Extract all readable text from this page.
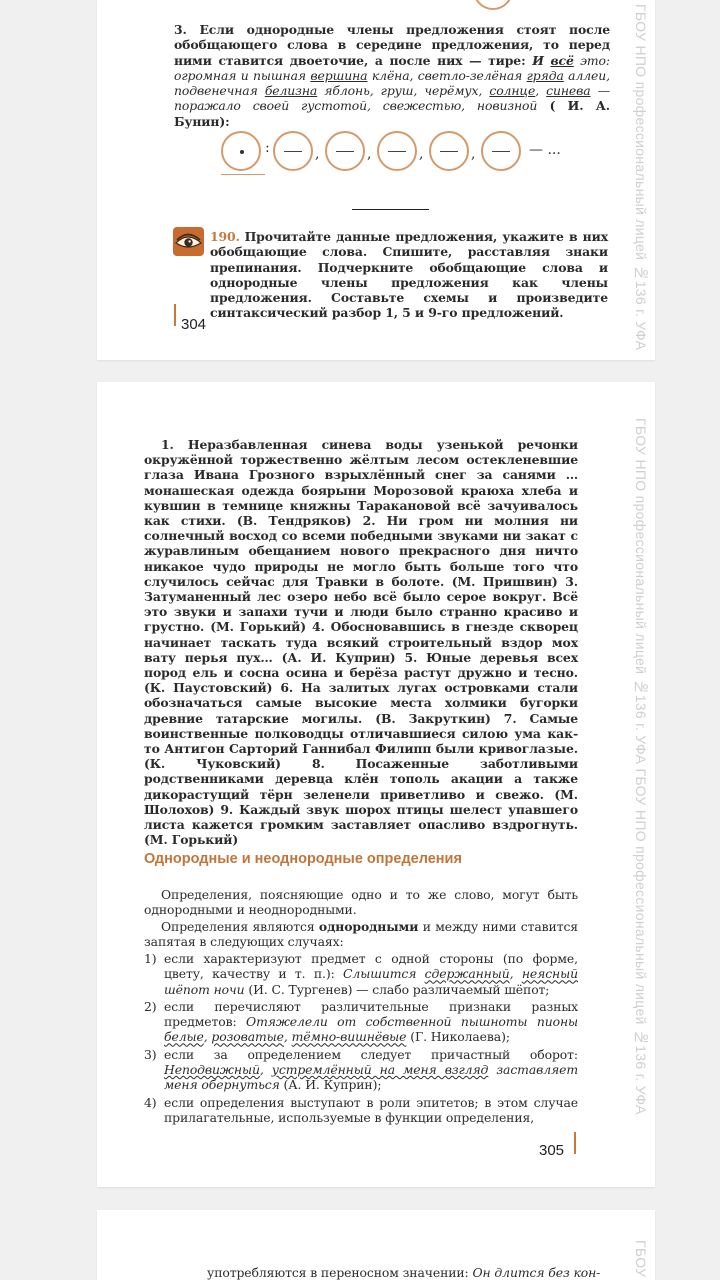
3. Если однородные члены предложения стоят после обобщающего слова в середине предложения, то перед ними ставится двоеточие, а после них — тире: И всё это: огромная и пышная вершина клёна, светло-зелёная гряда аллеи, подвенечная белизна яблонь, груш, черёмух, солнце, синева — поражало своей густотой, свежестью, новизной ( И. А. Бунин):
:	,	,	,	,	— ...
190. Прочитайте данные предложения, укажите в них обобщающие слова. Спишите, расставляя знаки препинания. Подчеркните обобщающие слова и однородные члены предложения как члены предложения. Составьте схемы и произведите синтаксический разбор 1, 5 и 9-го предложений.
304	ГБОУ НПО профессиональный лицей №136 г. УФА
1. Неразбавленная синева воды узенькой речонки окружённой торжественно жёлтым лесом остекленевшие глаза Ивана Грозного взрыхлённый снег за санями …монашеская одежда боярыни Морозовой краюха хлеба и кувшин в темнице княжны Таракановой всё зачуивалось как стихи. (В. Тендряков) 2. Ни гром ни молния ни солнечный восход со всеми победными звуками ни закат с журавлиным обещанием нового прекрасного дня ничто никакое чудо природы не могло быть больше того что случилось сейчас для Травки в болоте. (М. Пришвин) 3. Затуманенный лес озеро небо всё было серое вокруг. Всё это звуки и запахи тучи и люди было странно красиво и грустно. (М. Горький) 4. Обосновавшись в гнезде скворец начинает таскать туда всякий строительный вздор мох вату перья пух… (А. И. Куприн) 5. Юные деревья всех пород ель и сосна осина и берёза растут дружно и тесно. (К. Паустовский) 6. На залитых лугах островками стали обозначаться самые высокие места холмики бугорки древние татарские могилы. (В. Закруткин) 7. Самые воинственные полководцы отличавшиеся силою ума как-то Антигон Сарторий Ганнибал Филипп были кривоглазые. (К. Чуковский) 8. Посаженные заботливыми родственниками деревца клён тополь акации а также дикорастущий тёрн зеленели приветливо и свежо. (М. Шолохов) 9. Каждый звук шорох птицы шелест упавшего листа кажется громким заставляет опасливо вздрогнуть. (М. Горький)
Однородные и неоднородные определения
Определения, поясняющие одно и то же слово, могут быть однородными и неоднородными.
Определения являются однородными и между ними ставится запятая в следующих случаях:
1) если характеризуют предмет с одной стороны (по форме, цвету, качеству и т. п.): Слышится сдержанный, неясный шёпот ночи (И. С. Тургенев) — слабо различаемый шёпот;
2) если перечисляют различительные признаки разных предметов: Отяжелели от собственной пышноты пионы белые, розоватые, тёмно-вишнёвые (Г. Николаева);
3) если за определением следует причастный оборот: Неподвижный, устремлённый на меня взгляд заставляет меня обернуться (А. И. Куприн);
4) если определения выступают в роли эпитетов; в этом случае прилагательные, используемые в функции определения,
305
ГБОУ НПО профессиональный лицей №136 г. УФА ГБОУ НПО профессиональный лицей №136 г. УФА
употребляются в переносном значении: Он длится без кон-	ГБОУ
